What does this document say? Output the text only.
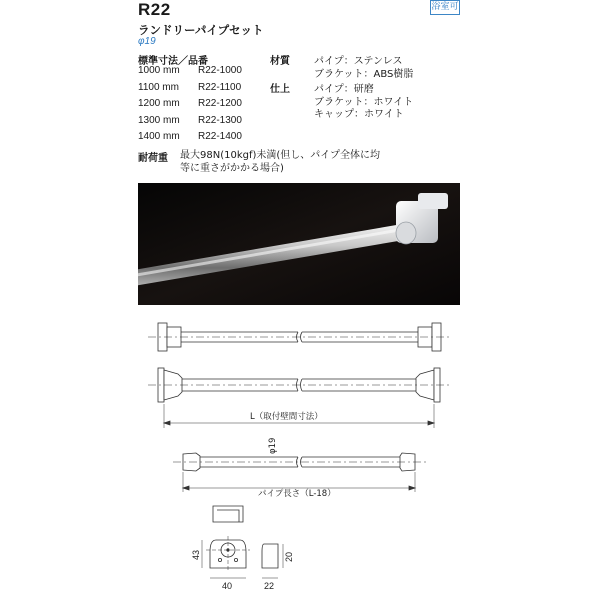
R22	浴室可
ランドリーパイプセット
φ19
標準寸法／品番
1000 mm R22-1000
1100 mm R22-1100
1200 mm R22-1200
1300 mm R22-1300
1400 mm R22-1400
材質	パイプ：ステンレス
ブラケット：ABS樹脂
仕上	パイプ：研磨
ブラケット：ホワイト
キャップ：ホワイト
耐荷重 最大98N(10kgf)未満(但し、パイプ全体に均等に重さがかかる場合)
L（取付壁間寸法）
φ19
パイプ長さ（L-18）
43
40
20
22
